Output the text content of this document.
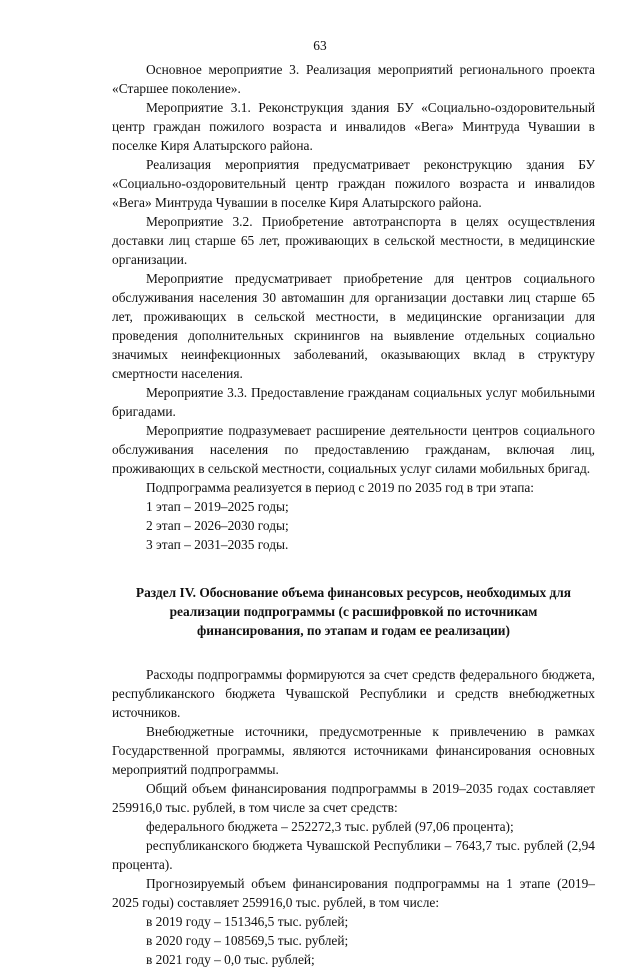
63

Основное мероприятие 3. Реализация мероприятий регионального проекта «Старшее поколение».

Мероприятие 3.1. Реконструкция здания БУ «Социально-оздоровительный центр граждан пожилого возраста и инвалидов «Вега» Минтруда Чувашии в поселке Киря Алатырского района.

Реализация мероприятия предусматривает реконструкцию здания БУ «Социально-оздоровительный центр граждан пожилого возраста и инвалидов «Вега» Минтруда Чувашии в поселке Киря Алатырского района.

Мероприятие 3.2. Приобретение автотранспорта в целях осуществления доставки лиц старше 65 лет, проживающих в сельской местности, в медицинские организации.

Мероприятие предусматривает приобретение для центров социального обслуживания населения 30 автомашин для организации доставки лиц старше 65 лет, проживающих в сельской местности, в медицинские организации для проведения дополнительных скринингов на выявление отдельных социально значимых неинфекционных заболеваний, оказывающих вклад в структуру смертности населения.

Мероприятие 3.3. Предоставление гражданам социальных услуг мобильными бригадами.

Мероприятие подразумевает расширение деятельности центров социального обслуживания населения по предоставлению гражданам, включая лиц, проживающих в сельской местности, социальных услуг силами мобильных бригад.

Подпрограмма реализуется в период с 2019 по 2035 год в три этапа:

1 этап – 2019–2025 годы;

2 этап – 2026–2030 годы;

3 этап – 2031–2035 годы.

Раздел IV. Обоснование объема финансовых ресурсов, необходимых для реализации подпрограммы (с расшифровкой по источникам финансирования, по этапам и годам ее реализации)

Расходы подпрограммы формируются за счет средств федерального бюджета, республиканского бюджета Чувашской Республики и средств внебюджетных источников.

Внебюджетные источники, предусмотренные к привлечению в рамках Государственной программы, являются источниками финансирования основных мероприятий подпрограммы.

Общий объем финансирования подпрограммы в 2019–2035 годах составляет 259916,0 тыс. рублей, в том числе за счет средств:

федерального бюджета – 252272,3 тыс. рублей (97,06 процента);

республиканского бюджета Чувашской Республики – 7643,7 тыс. рублей (2,94 процента).

Прогнозируемый объем финансирования подпрограммы на 1 этапе (2019–2025 годы) составляет 259916,0 тыс. рублей, в том числе:

в 2019 году – 151346,5 тыс. рублей;

в 2020 году – 108569,5 тыс. рублей;

в 2021 году – 0,0 тыс. рублей;
